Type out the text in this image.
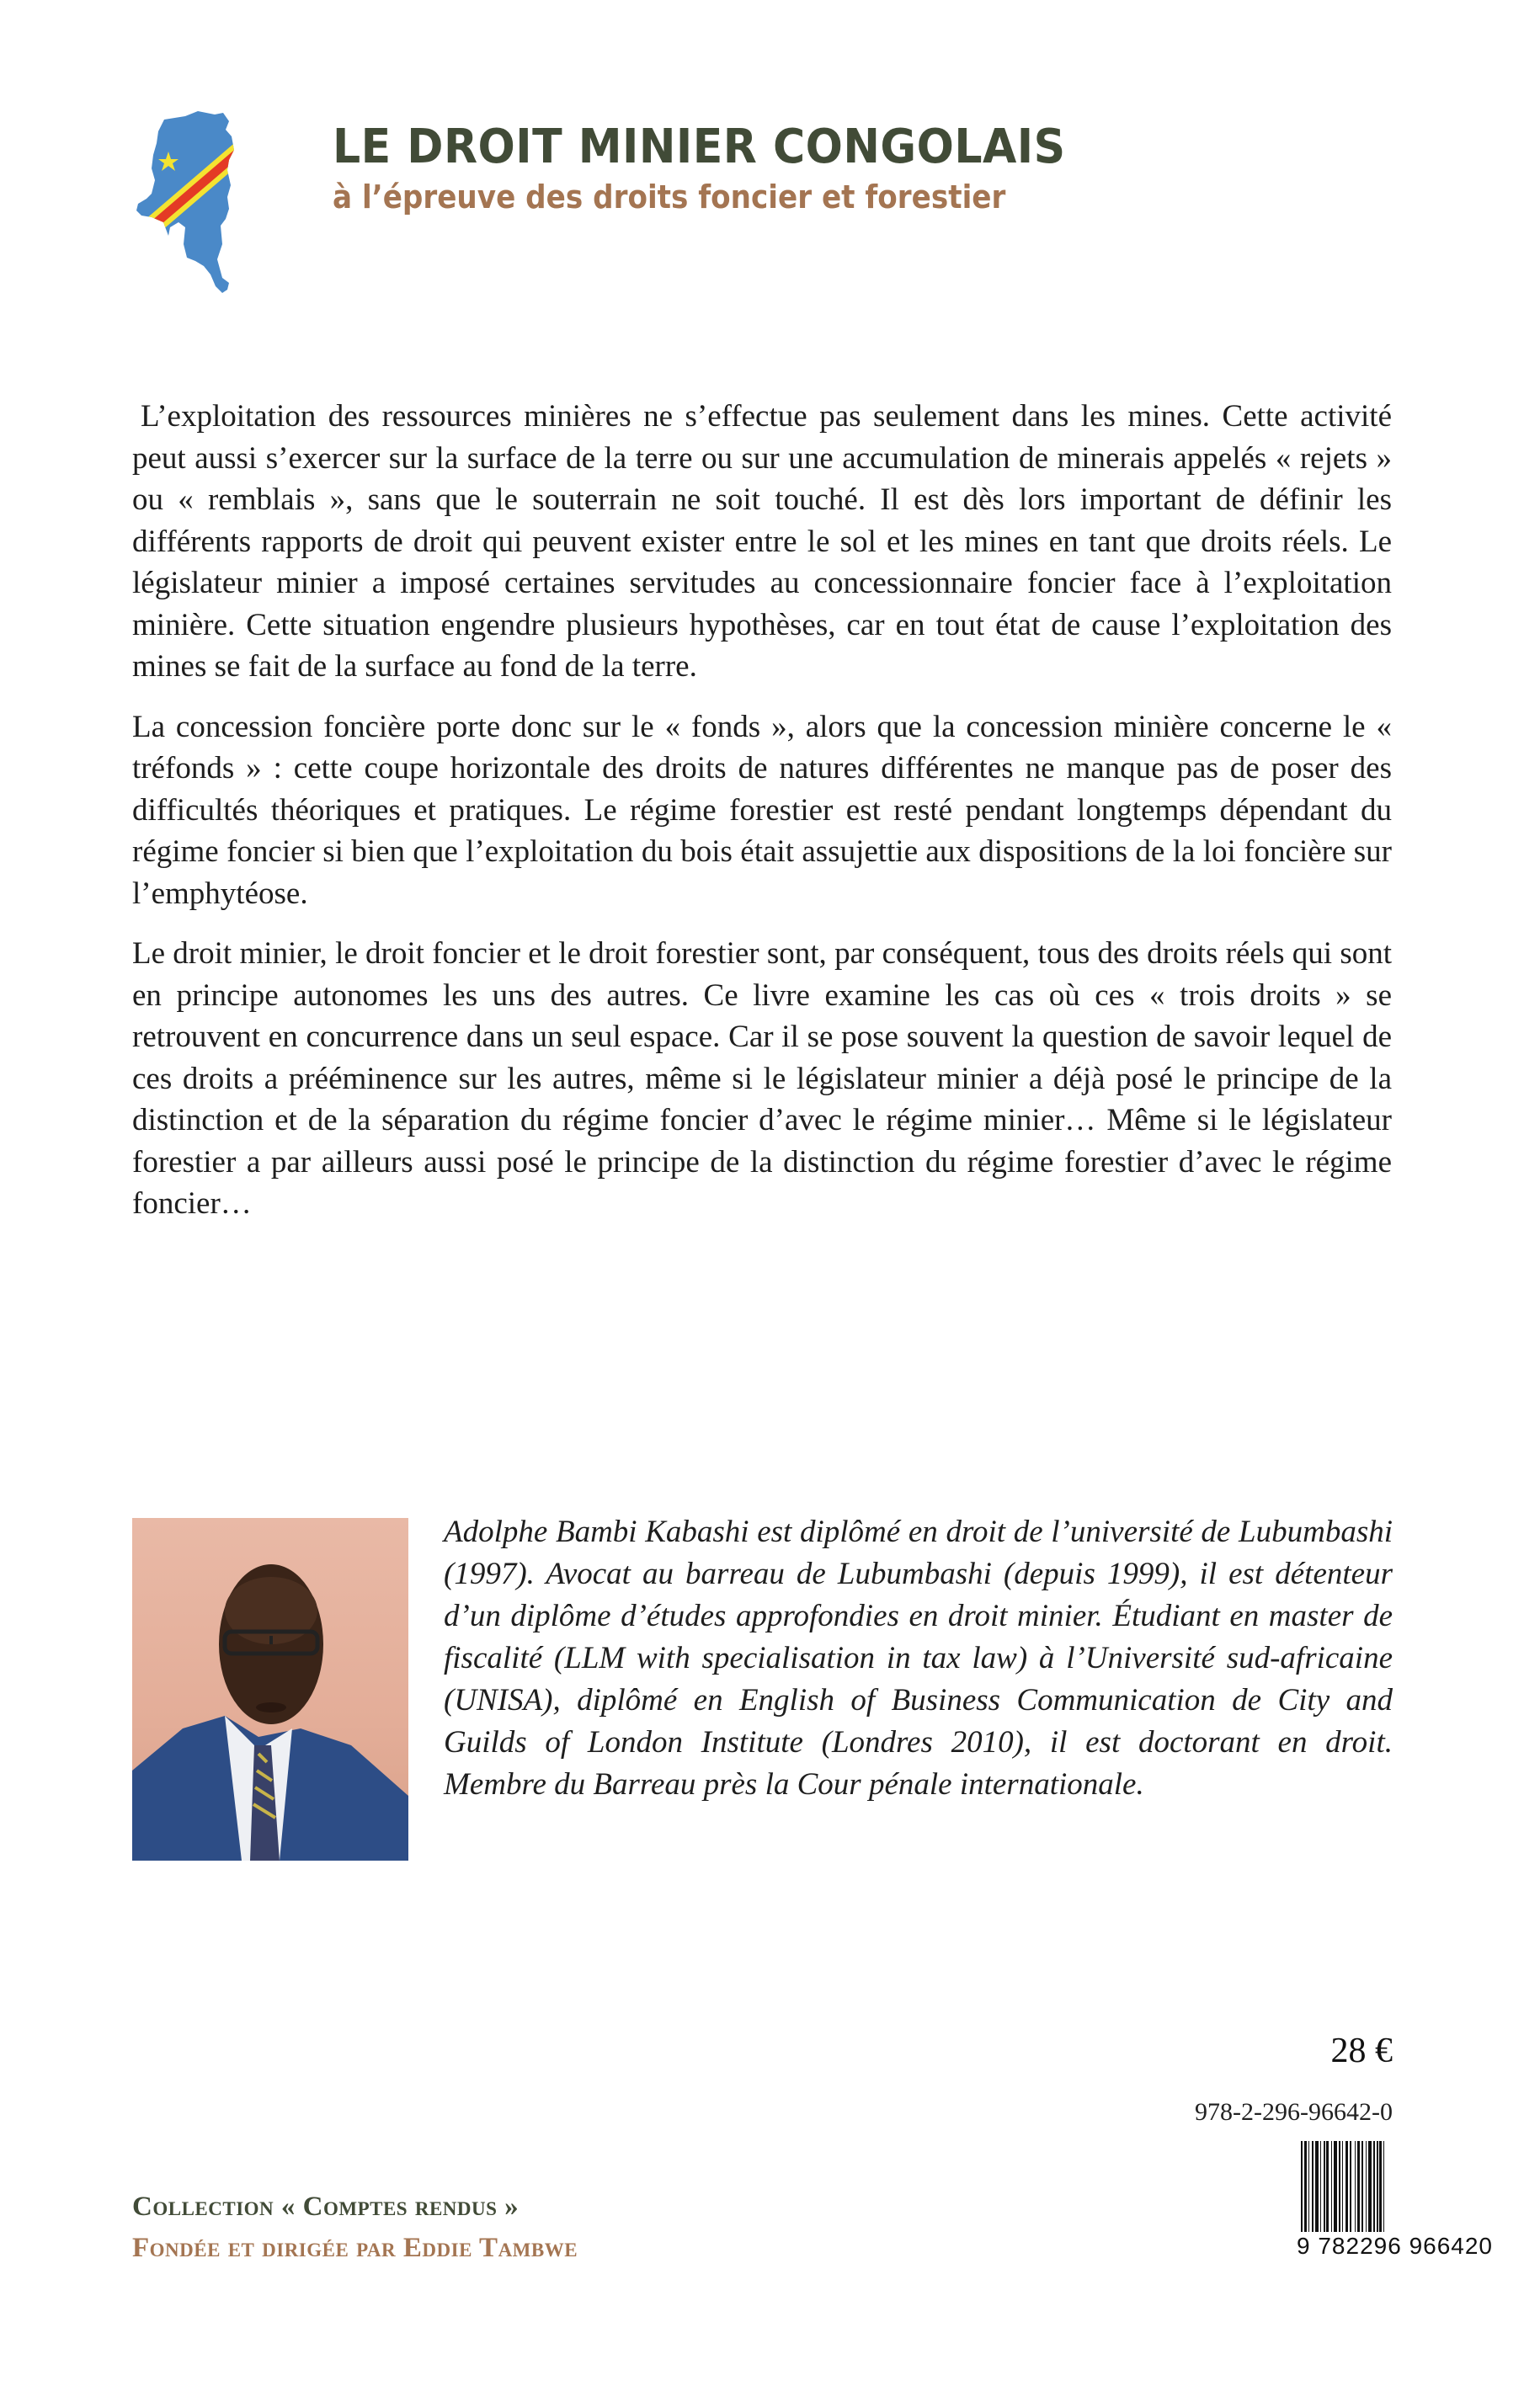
LE DROIT MINIER CONGOLAIS
à l’épreuve des droits foncier et forestier

L’exploitation des ressources minières ne s’effectue pas seulement dans les mines. Cette activité peut aussi s’exercer sur la surface de la terre ou sur une accumulation de minerais appelés « rejets » ou « remblais », sans que le souterrain ne soit touché. Il est dès lors important de définir les différents rapports de droit qui peuvent exister entre le sol et les mines en tant que droits réels. Le législateur minier a imposé certaines servitudes au concessionnaire foncier face à l’exploitation minière. Cette situation engendre plusieurs hypothèses, car en tout état de cause l’exploitation des mines se fait de la surface au fond de la terre.

La concession foncière porte donc sur le « fonds », alors que la concession minière concerne le « tréfonds » : cette coupe horizontale des droits de natures différentes ne manque pas de poser des difficultés théoriques et pratiques. Le régime forestier est resté pendant longtemps dépendant du régime foncier si bien que l’exploitation du bois était assujettie aux dispositions de la loi foncière sur l’emphytéose.

Le droit minier, le droit foncier et le droit forestier sont, par conséquent, tous des droits réels qui sont en principe autonomes les uns des autres. Ce livre examine les cas où ces « trois droits » se retrouvent en concurrence dans un seul espace. Car il se pose souvent la question de savoir lequel de ces droits a prééminence sur les autres, même si le législateur minier a déjà posé le principe de la distinction et de la séparation du régime foncier d’avec le régime minier… Même si le législateur forestier a par ailleurs aussi posé le principe de la distinction du régime forestier d’avec le régime foncier…

Adolphe Bambi Kabashi est diplômé en droit de l’université de Lubumbashi (1997). Avocat au barreau de Lubumbashi (depuis 1999), il est détenteur d’un diplôme d’études approfondies en droit minier. Étudiant en master de fiscalité (LLM with specialisation in tax law) à l’Université sud-africaine (UNISA), diplômé en English of Business Communication de City and Guilds of London Institute (Londres 2010), il est doctorant en droit. Membre du Barreau près la Cour pénale internationale.
28 €
978-2-296-96642-0
9 782296 966420
Collection « Comptes rendus »
Fondée et dirigée par Eddie Tambwe
